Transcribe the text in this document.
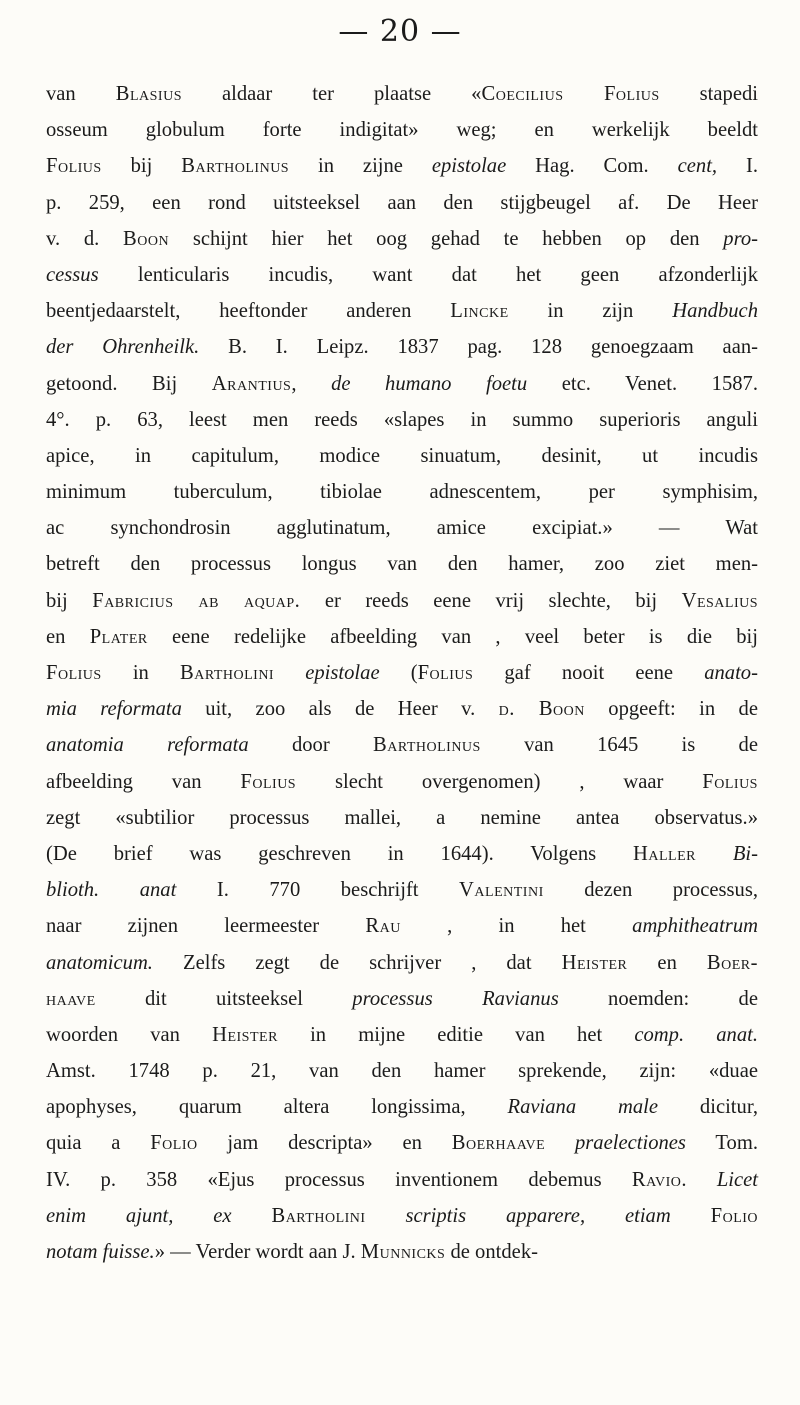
— 20 —
van Blasius aldaar ter plaatse «Coecilius Folius stapedi
osseum globulum forte indigitat» weg; en werkelijk beeldt
Folius bij Bartholinus in zijne epistolae Hag. Com. cent, I.
p. 259, een rond uitsteeksel aan den stijgbeugel af. De Heer
v. d. Boon schijnt hier het oog gehad te hebben op den pro-
cessus lenticularis incudis, want dat het geen afzonderlijk
beentjedaarstelt, heeftonder anderen Lincke in zijn Handbuch
der Ohrenheilk. B. I. Leipz. 1837 pag. 128 genoegzaam aan-
getoond. Bij Arantius, de humano foetu etc. Venet. 1587.
4°. p. 63, leest men reeds «slapes in summo superioris anguli
apice, in capitulum, modice sinuatum, desinit, ut incudis
minimum tuberculum, tibiolae adnescentem, per symphisim,
ac synchondrosin agglutinatum, amice excipiat.» — Wat
betreft den processus longus van den hamer, zoo ziet men-
bij Fabricius ab aquap. er reeds eene vrij slechte, bij Vesalius
en Plater eene redelijke afbeelding van , veel beter is die bij
Folius in Bartholini epistolae (Folius gaf nooit eene anato-
mia reformata uit, zoo als de Heer v. d. Boon opgeeft: in de
anatomia reformata door Bartholinus van 1645 is de
afbeelding van Folius slecht overgenomen) , waar Folius
zegt «subtilior processus mallei, a nemine antea observatus.»
(De brief was geschreven in 1644). Volgens Haller Bi-
blioth. anat I. 770 beschrijft Valentini dezen processus,
naar zijnen leermeester Rau , in het amphitheatrum
anatomicum. Zelfs zegt de schrijver , dat Heister en Boer-
haave dit uitsteeksel processus Ravianus noemden: de
woorden van Heister in mijne editie van het comp. anat.
Amst. 1748 p. 21, van den hamer sprekende, zijn: «duae
apophyses, quarum altera longissima, Raviana male dicitur,
quia a Folio jam descripta» en Boerhaave praelectiones Tom.
IV. p. 358 «Ejus processus inventionem debemus Ravio. Licet
enim ajunt, ex Bartholini scriptis apparere, etiam Folio
notam fuisse.» — Verder wordt aan J. Munnicks de ontdek-
